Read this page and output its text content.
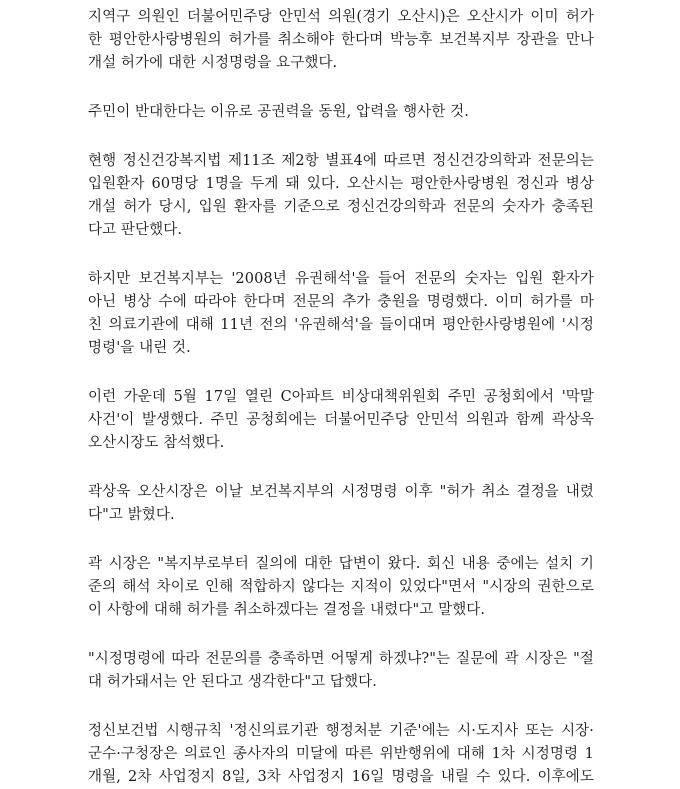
지역구 의원인 더불어민주당 안민석 의원(경기 오산시)은 오산시가 이미 허가
한 평안한사랑병원의 허가를 취소해야 한다며 박능후 보건복지부 장관을 만나
개설 허가에 대한 시정명령을 요구했다.
주민이 반대한다는 이유로 공권력을 동원, 압력을 행사한 것.
현행 정신건강복지법 제11조 제2항 별표4에 따르면 정신건강의학과 전문의는
입원환자 60명당 1명을 두게 돼 있다. 오산시는 평안한사랑병원 정신과 병상
개설 허가 당시, 입원 환자를 기준으로 정신건강의학과 전문의 숫자가 충족된
다고 판단했다.
하지만 보건복지부는 '2008년 유권해석'을 들어 전문의 숫자는 입원 환자가
아닌 병상 수에 따라야 한다며 전문의 추가 충원을 명령했다. 이미 허가를 마
친 의료기관에 대해 11년 전의 '유권해석'을 들이대며 평안한사랑병원에 '시정
명령'을 내린 것.
이런 가운데 5월 17일 열린 C아파트 비상대책위원회 주민 공청회에서 '막말
사건'이 발생했다. 주민 공청회에는 더불어민주당 안민석 의원과 함께 곽상욱
오산시장도 참석했다.
곽상욱 오산시장은 이날 보건복지부의 시정명령 이후 "허가 취소 결정을 내렸
다"고 밝혔다.
곽 시장은 "복지부로부터 질의에 대한 답변이 왔다. 회신 내용 중에는 설치 기
준의 해석 차이로 인해 적합하지 않다는 지적이 있었다"면서 "시장의 권한으로
이 사항에 대해 허가를 취소하겠다는 결정을 내렸다"고 말했다.
"시정명령에 따라 전문의를 충족하면 어떻게 하겠냐?"는 질문에 곽 시장은 "절
대 허가돼서는 안 된다고 생각한다"고 답했다.
정신보건법 시행규칙 '정신의료기관 행정처분 기준'에는 시·도지사 또는 시장·
군수·구청장은 의료인 종사자의 미달에 따른 위반행위에 대해 1차 시정명령 1
개월, 2차 사업정지 8일, 3차 사업정지 16일 명령을 내릴 수 있다. 이후에도
